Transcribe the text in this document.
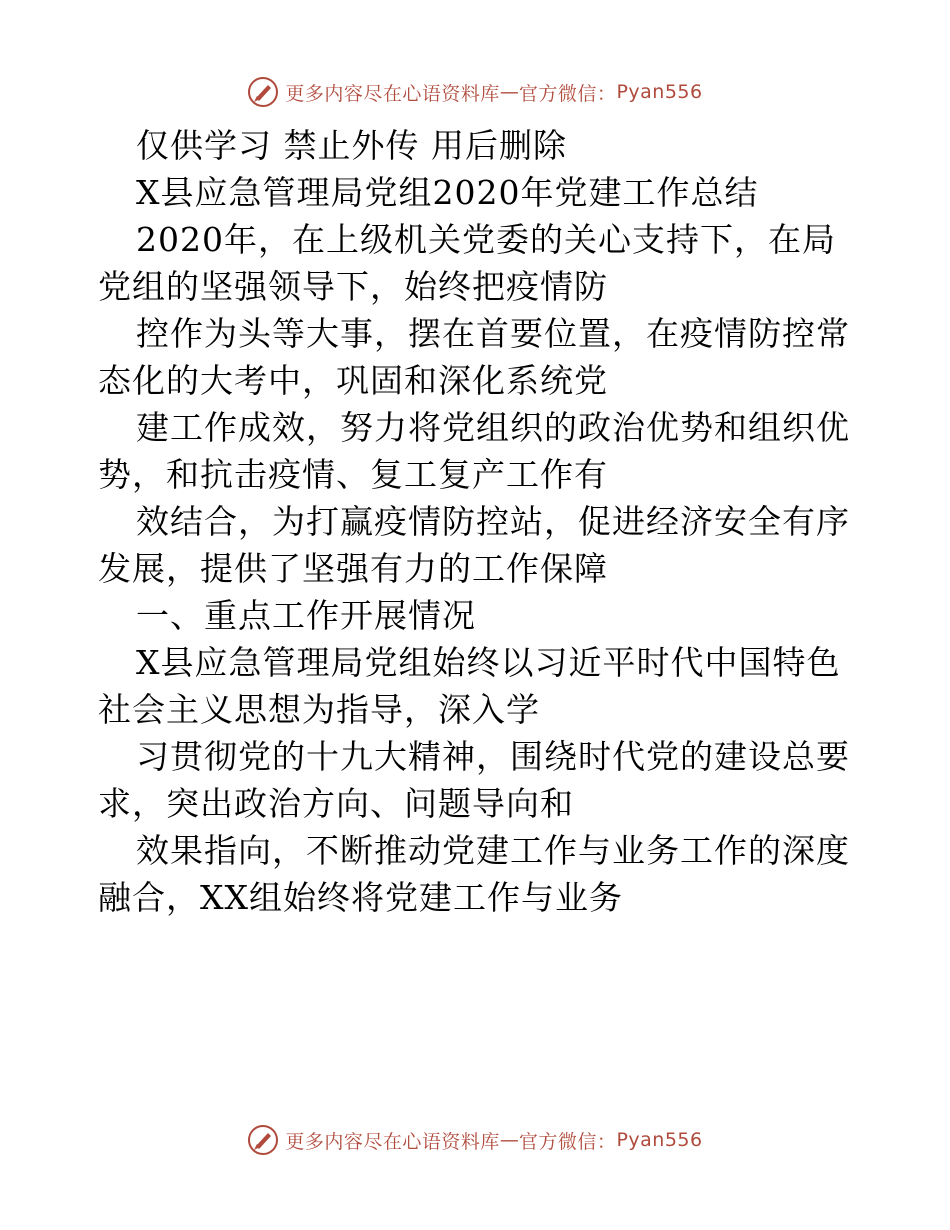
更多内容尽在心语资料库 — 官方微信： Pyan556
仅供学习 禁止外传 用后删除
X县应急管理局党组2020年党建工作总结
2020年，在上级机关党委的关心支持下，在局
党组的坚强领导下，始终把疫情防
控作为头等大事，摆在首要位置，在疫情防控常
态化的大考中，巩固和深化系统党
建工作成效，努力将党组织的政治优势和组织优
势，和抗击疫情、复工复产工作有
效结合，为打赢疫情防控站，促进经济安全有序
发展，提供了坚强有力的工作保障
一、重点工作开展情况
X县应急管理局党组始终以习近平时代中国特色
社会主义思想为指导，深入学
习贯彻党的十九大精神，围绕时代党的建设总要
求，突出政治方向、问题导向和
效果指向，不断推动党建工作与业务工作的深度
融合，XX组始终将党建工作与业务
更多内容尽在心语资料库 — 官方微信： Pyan556
